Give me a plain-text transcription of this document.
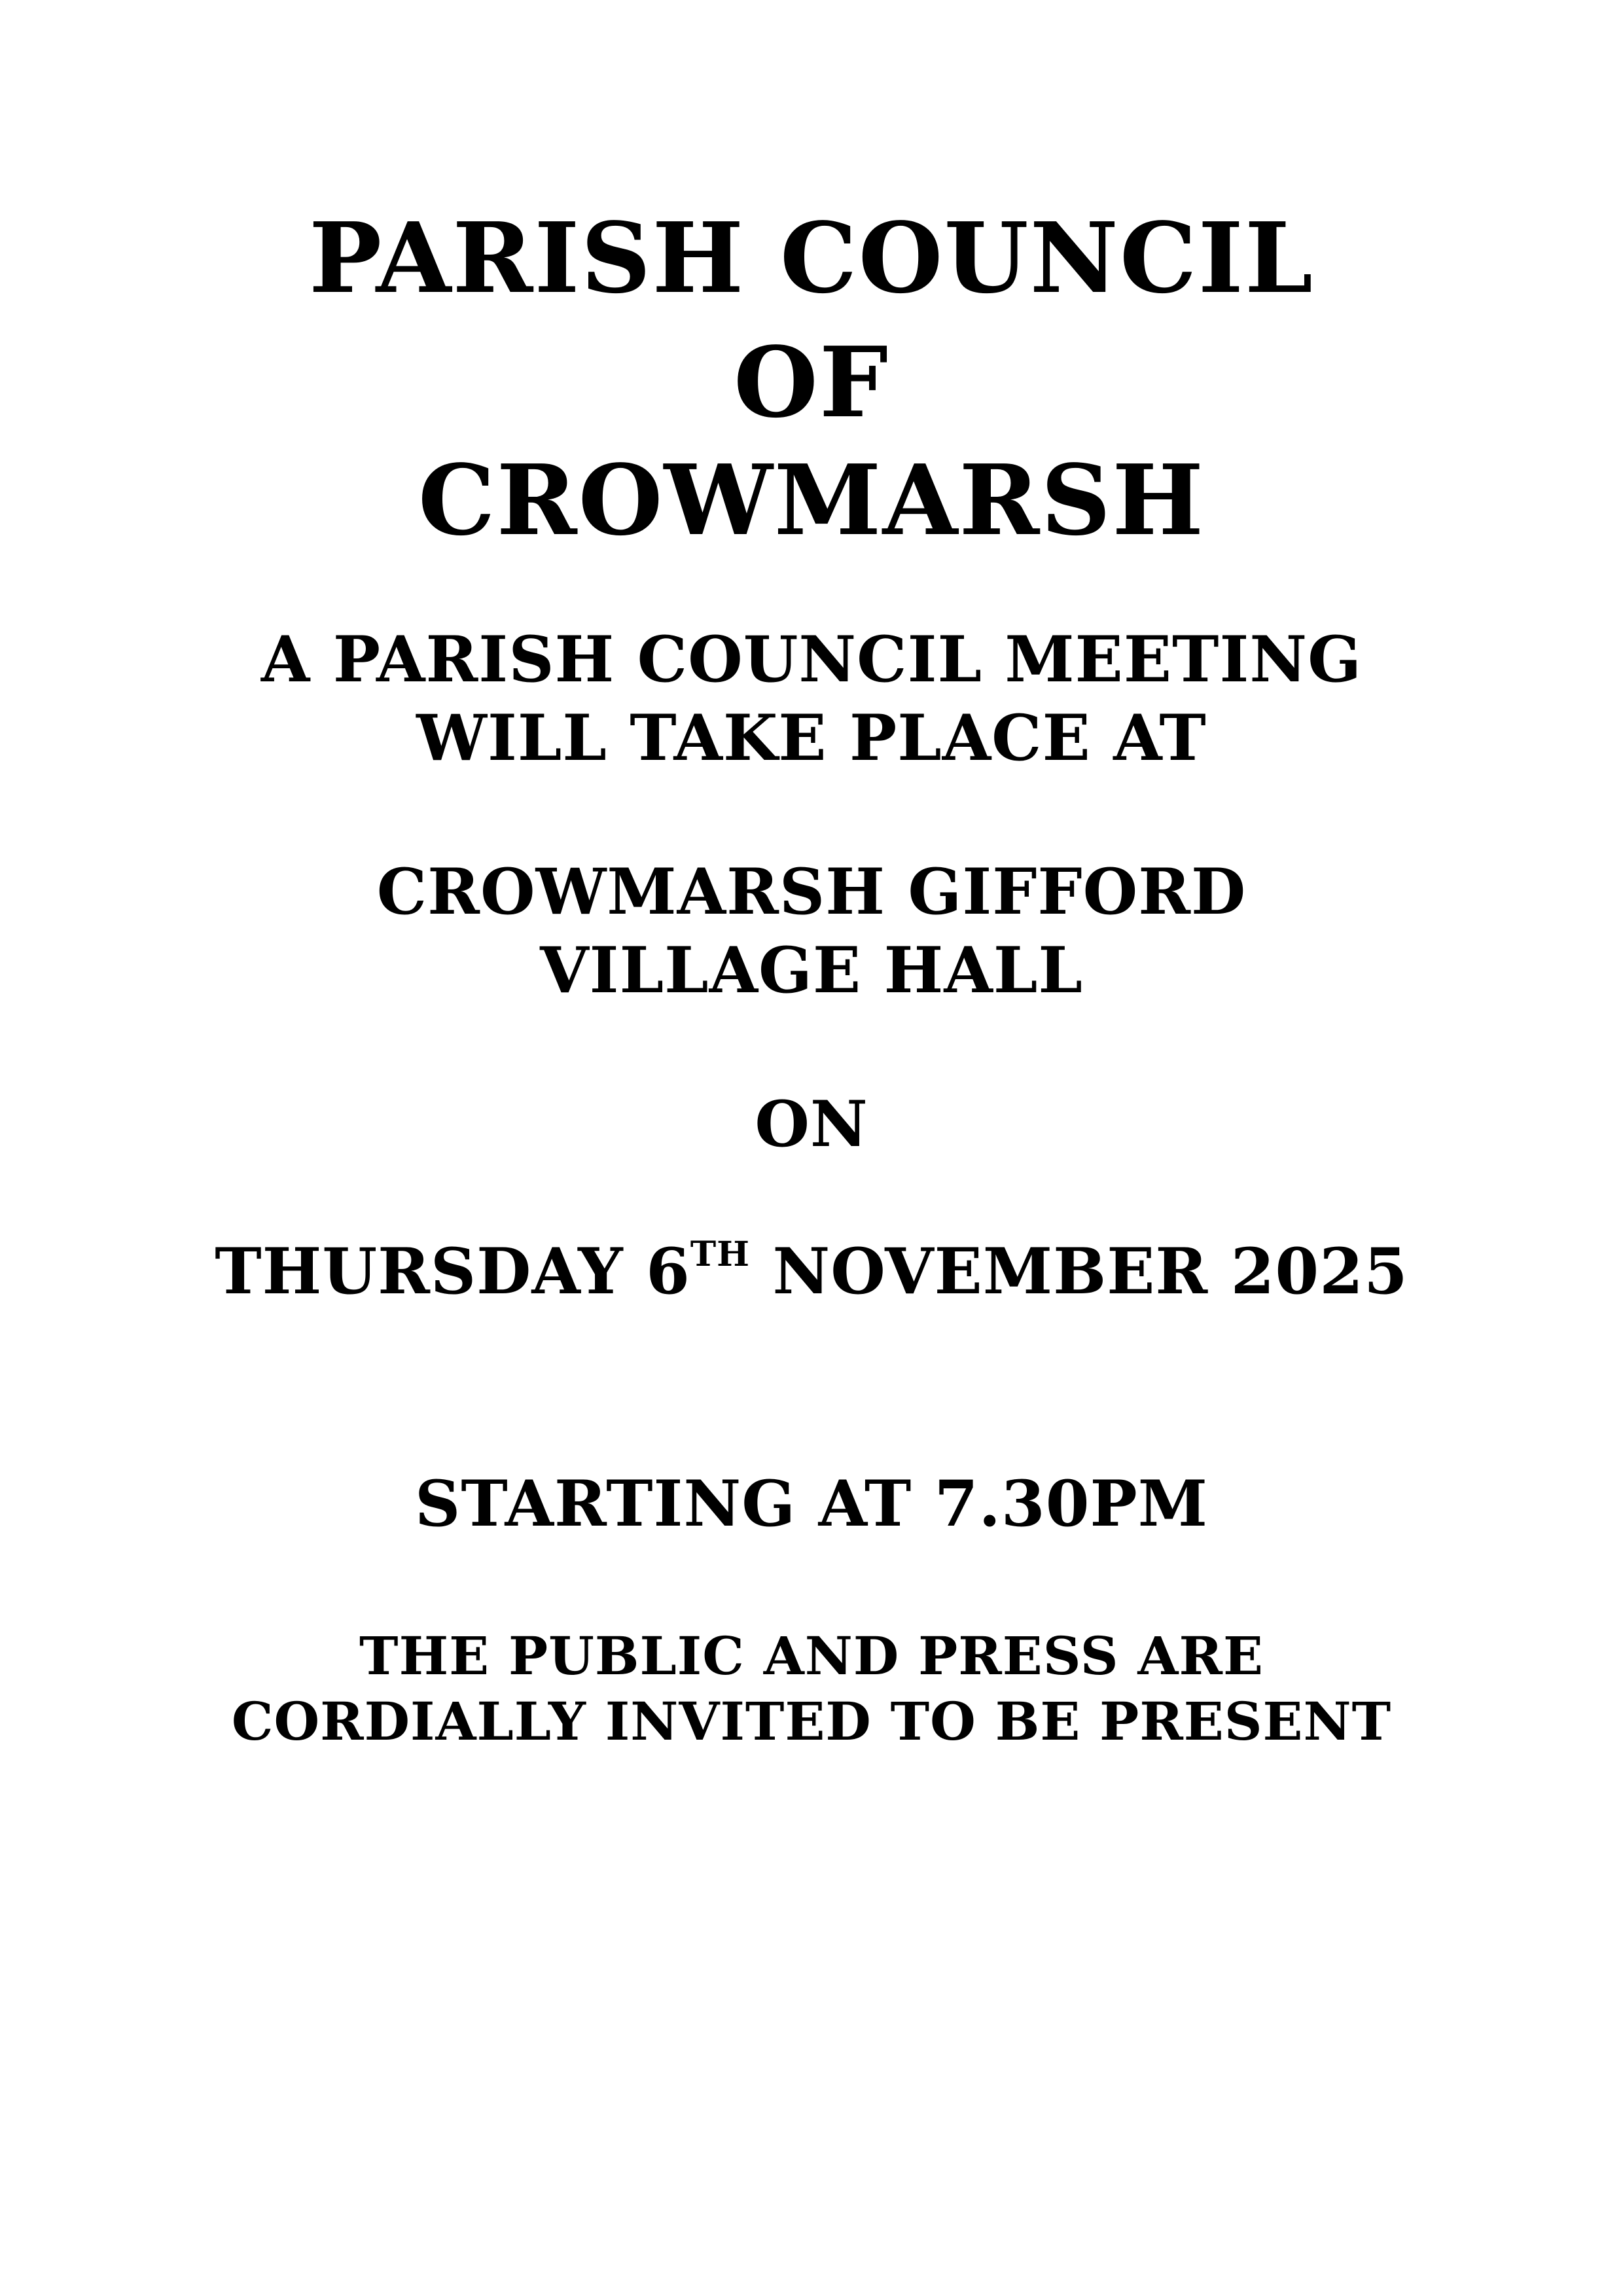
PARISH COUNCIL
OF
CROWMARSH
A PARISH COUNCIL MEETING
WILL TAKE PLACE AT
CROWMARSH GIFFORD
VILLAGE HALL
ON
THURSDAY 6TH NOVEMBER 2025
STARTING AT 7.30PM
THE PUBLIC AND PRESS ARE
CORDIALLY INVITED TO BE PRESENT
